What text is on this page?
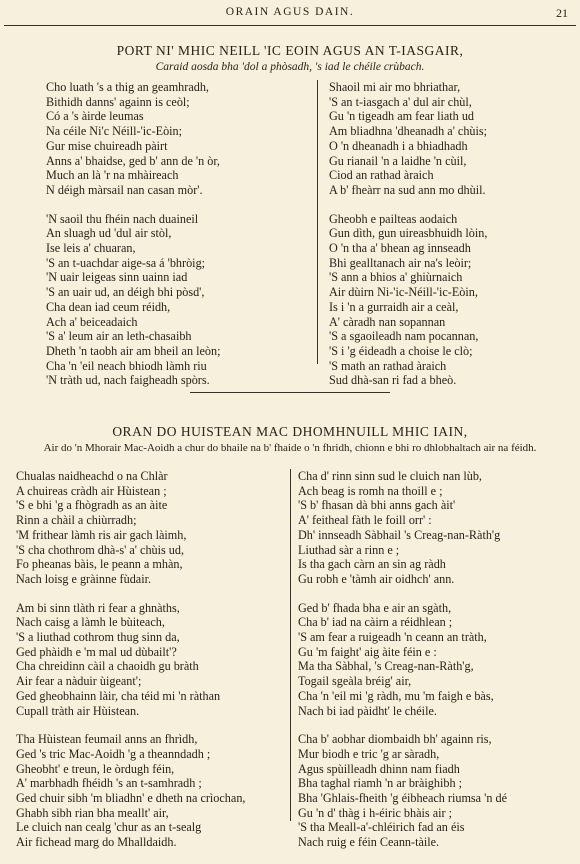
ORAIN AGUS DAIN.	21
PORT NI' MHIC NEILL 'IC EOIN AGUS AN T-IASGAIR,
Caraid aosda bha 'dol a phòsadh, 's iad le chéile crùbach.
Cho luath 's a thig an geamhradh,
Bithidh danns' againn is ceòl;
Có a 's àirde leumas
Na céile Ni'c Néill-'ic-Eòin;
Gur mise chuireadh pàirt
Anns a' bhaidse, ged b' ann de 'n òr,
Much an là 'r na mhàireach
N déigh màrsail nan casan mòr'.
'N saoil thu fhéin nach duaineil
An sluagh ud 'dul air stòl,
Ise leis a' chuaran,
'S an t-uachdar aige-sa á 'bhròig;
'N uair leigeas sinn uainn iad
'S an uair ud, an déigh bhi pòsd',
Cha dean iad ceum réidh,
Ach a' beiceadaich
'S a' leum air an leth-chasaibh
Dheth 'n taobh air am bheil an leòn;
Cha 'n 'eil neach bhiodh làmh riu
'N tràth ud, nach faigheadh spòrs.
Shaoil mi air mo bhriathar,
'S an t-iasgach a' dul air chùl,
Gu 'n tigeadh am fear liath ud
Am bliadhna 'dheanadh a' chùis;
O 'n dheanadh i a bhiadhadh
Gu rianail 'n a laidhe 'n cùil,
Ciod an rathad àraich
A b' fheàrr na sud ann mo dhùil.
Gheobh e pailteas aodaich
Gun dìth, gun uireasbhuidh lòin,
O 'n tha a' bhean ag innseadh
Bhi gealltanach air na's leòir;
'S ann a bhios a' ghiùrnaich
Air dùirn Ni-'ic-Néill-'ic-Eòin,
Is i 'n a gurraidh air a ceàl,
A' càradh nan sopannan
'S a sgaoileadh nam pocannan,
'S i 'g éideadh a choise le clò;
'S math an rathad àraich
Sud dhà-san ri fad a bheò.
ORAN DO HUISTEAN MAC DHOMHNUILL MHIC IAIN,
Air do 'n Mhorair Mac-Aoidh a chur do bhaile na b' fhaide o 'n fhridh, chionn e bhi ro dhlobhaltach air na féidh.
Chualas naidheachd o na Chlàr
A chuireas cràdh air Hùistean ;
'S e bhi 'g a fhògradh as an àite
Rinn a chàil a chiùrradh;
'M frithear làmh ris air gach làimh,
'S cha chothrom dhà-s' a' chùis ud,
Fo pheanas bàis, le peann a mhàn,
Nach loisg e gràinne fùdair.
Am bi sinn tlàth ri fear a ghnàths,
Nach caisg a làmh le bùiteach,
'S a liuthad cothrom thug sinn da,
Ged phàidh e 'm mal ud dùbailt'?
Cha chreidinn càil a chaoidh gu bràth
Air fear a nàduir ùigeant';
Ged gheobhainn làir, cha téid mi 'n ràthan
Cupall tràth air Hùistean.
Tha Hùistean feumail anns an fhrìdh,
Ged 's tric Mac-Aoidh 'g a theanndadh ;
Gheobht' e treun, le òrdugh féin,
A' marbhadh fhéidh 's an t-samhradh ;
Ged chuir sibh 'm bliadhn' e dheth na crìochan,
Ghabh sibh rian bha meallt' air,
Le cluich nan cealg 'chur as an t-sealg
Air fichead marg do Mhalldaidh.
Cha d' rinn sinn sud le cluich nan lùb,
Ach beag is romh na thoill e ;
'S b' fhasan dà bhi anns gach àit'
A' feitheal fàth le foill orr' :
Dh' innseadh Sàbhail 's Creag-nan-Ràth'g
Liuthad sàr a rinn e ;
Is tha gach càrn an sin ag ràdh
Gu robh e 'tàmh air oidhch' ann.
Ged b' fhada bha e air an sgàth,
Cha b' iad na càirn a réidhlean ;
'S am fear a ruigeadh 'n ceann an tràth,
Gu 'm faight' aig àite féin e :
Ma tha Sàbhal, 's Creag-nan-Ràth'g,
Togail sgeàla bréig' air,
Cha 'n 'eil mi 'g ràdh, mu 'm faigh e bàs,
Nach bi iad pàidht' le chéile.
Cha b' aobhar diombaidh bh' againn ris,
Mur biodh e tric 'g ar sàradh,
Agus spùilleadh dhinn nam fiadh
Bha taghal riamh 'n ar bràighibh ;
Bha 'Ghlais-fheith 'g éibheach riumsa 'n dé
Gu 'n d' thàg i h-éiric bhàis air ;
'S tha Meall-a'-chléirich fad an éis
Nach ruig e féin Ceann-tàile.
